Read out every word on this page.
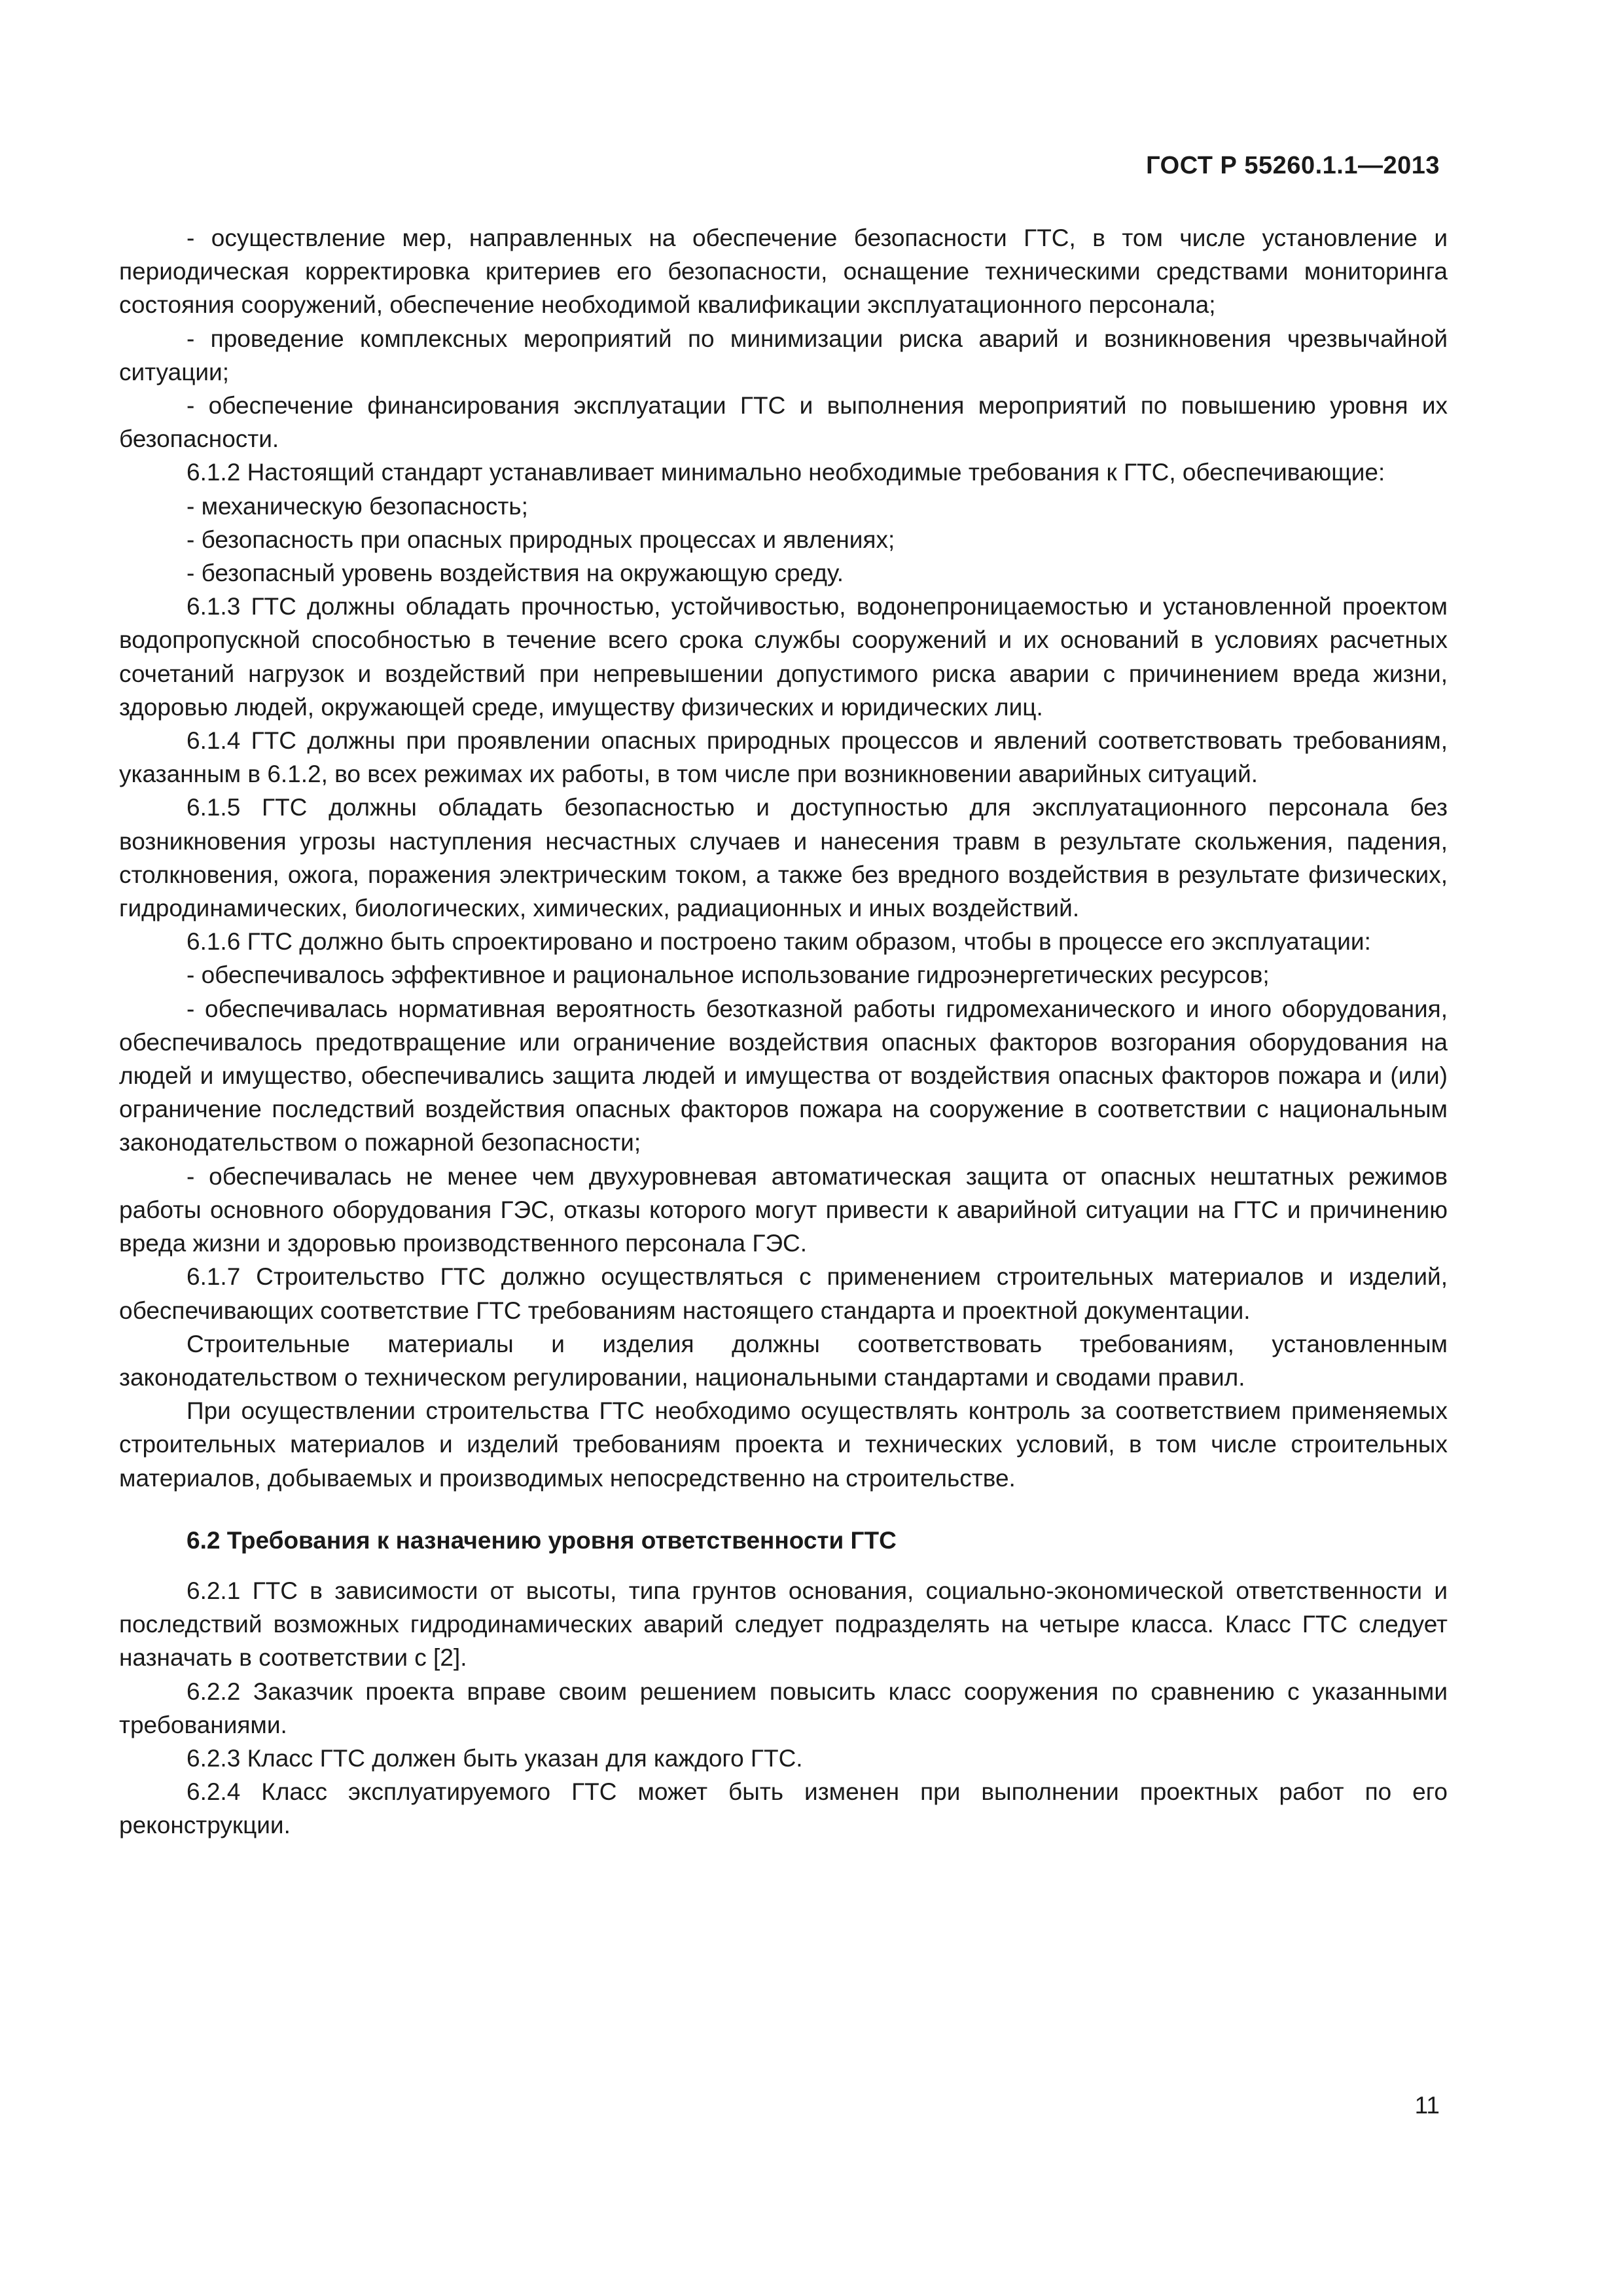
ГОСТ Р 55260.1.1—2013

- осуществление мер, направленных на обеспечение безопасности ГТС, в том числе установление и периодическая корректировка критериев его безопасности, оснащение техническими средствами мониторинга состояния сооружений, обеспечение необходимой квалификации эксплуатационного персонала;

- проведение комплексных мероприятий по минимизации риска аварий и возникновения чрезвычайной ситуации;

- обеспечение финансирования эксплуатации ГТС и выполнения мероприятий по повышению уровня их безопасности.

6.1.2 Настоящий стандарт устанавливает минимально необходимые требования к ГТС, обеспечивающие:

- механическую безопасность;

- безопасность при опасных природных процессах и явлениях;

- безопасный уровень воздействия на окружающую среду.

6.1.3 ГТС должны обладать прочностью, устойчивостью, водонепроницаемостью и установленной проектом водопропускной способностью в течение всего срока службы сооружений и их оснований в условиях расчетных сочетаний нагрузок и воздействий при непревышении допустимого риска аварии с причинением вреда жизни, здоровью людей, окружающей среде, имуществу физических и юридических лиц.

6.1.4 ГТС должны при проявлении опасных природных процессов и явлений соответствовать требованиям, указанным в 6.1.2, во всех режимах их работы, в том числе при возникновении аварийных ситуаций.

6.1.5 ГТС должны обладать безопасностью и доступностью для эксплуатационного персонала без возникновения угрозы наступления несчастных случаев и нанесения травм в результате скольжения, падения, столкновения, ожога, поражения электрическим током, а также без вредного воздействия в результате физических, гидродинамических, биологических, химических, радиационных и иных воздействий.

6.1.6 ГТС должно быть спроектировано и построено таким образом, чтобы в процессе его эксплуатации:

- обеспечивалось эффективное и рациональное использование гидроэнергетических ресурсов;

- обеспечивалась нормативная вероятность безотказной работы гидромеханического и иного оборудования, обеспечивалось предотвращение или ограничение воздействия опасных факторов возгорания оборудования на людей и имущество, обеспечивались защита людей и имущества от воздействия опасных факторов пожара и (или) ограничение последствий воздействия опасных факторов пожара на сооружение в соответствии с национальным законодательством о пожарной безопасности;

- обеспечивалась не менее чем двухуровневая автоматическая защита от опасных нештатных режимов работы основного оборудования ГЭС, отказы которого могут привести к аварийной ситуации на ГТС и причинению вреда жизни и здоровью производственного персонала ГЭС.

6.1.7 Строительство ГТС должно осуществляться с применением строительных материалов и изделий, обеспечивающих соответствие ГТС требованиям настоящего стандарта и проектной документации.

Строительные материалы и изделия должны соответствовать требованиям, установленным законодательством о техническом регулировании, национальными стандартами и сводами правил.

При осуществлении строительства ГТС необходимо осуществлять контроль за соответствием применяемых строительных материалов и изделий требованиям проекта и технических условий, в том числе строительных материалов, добываемых и производимых непосредственно на строительстве.

6.2 Требования к назначению уровня ответственности ГТС

6.2.1 ГТС в зависимости от высоты, типа грунтов основания, социально-экономической ответственности и последствий возможных гидродинамических аварий следует подразделять на четыре класса. Класс ГТС следует назначать в соответствии с [2].

6.2.2 Заказчик проекта вправе своим решением повысить класс сооружения по сравнению с указанными требованиями.

6.2.3 Класс ГТС должен быть указан для каждого ГТС.

6.2.4 Класс эксплуатируемого ГТС может быть изменен при выполнении проектных работ по его реконструкции.

11
